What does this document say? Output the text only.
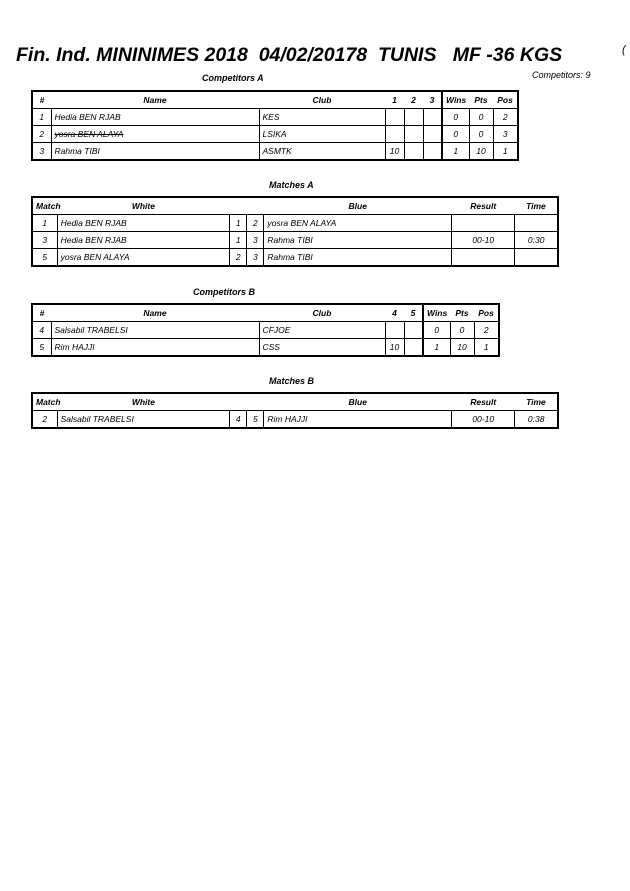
Fin. Ind. MININIMES 2018  04/02/20178  TUNIS   MF -36 KGS	(
Competitors: 9
Competitors A
#	Name	Club	1	2	3	Wins	Pts	Pos
1	Hedia BEN RJAB	KES				0	0	2
2	yosra BEN ALAYA	LSIKA				0	0	3
3	Rahma TIBI	ASMTK	10			1	10	1
Matches A
Match	White			Blue	Result	Time
1	Hedia BEN RJAB	1	2	yosra BEN ALAYA		
3	Hedia BEN RJAB	1	3	Rahma TIBI	00-10	0:30
5	yosra BEN ALAYA	2	3	Rahma TIBI		
Competitors B
#	Name	Club	4	5	Wins	Pts	Pos
4	Salsabil TRABELSI	CFJOE			0	0	2
5	Rim HAJJI	CSS	10		1	10	1
Matches B
Match	White			Blue	Result	Time
2	Salsabil TRABELSI	4	5	Rim HAJJI	00-10	0:38
